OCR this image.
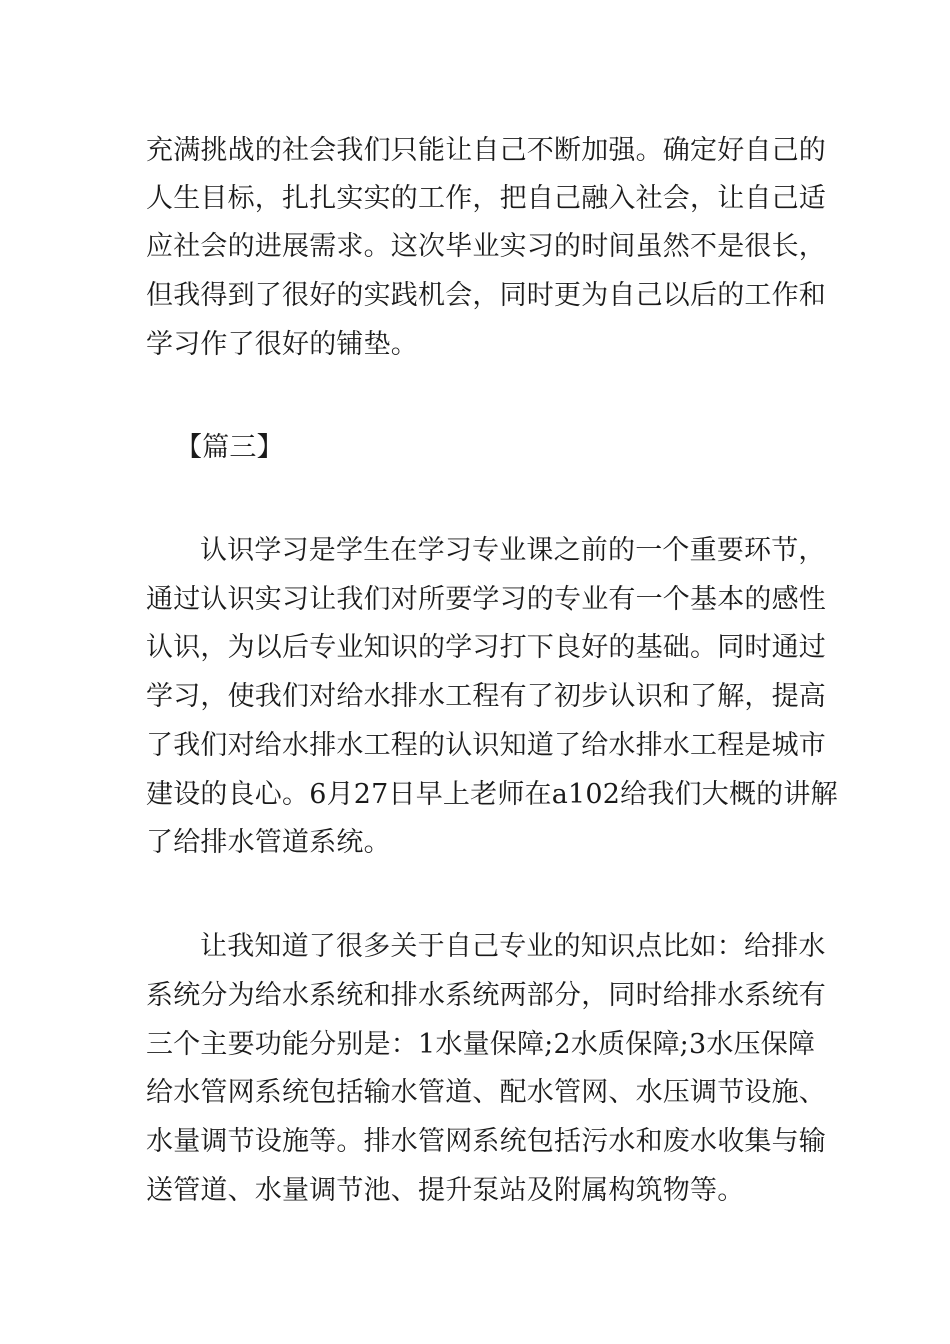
充满挑战的社会我们只能让自己不断加强。确定好自己的

人生目标，扎扎实实的工作，把自己融入社会，让自己适

应社会的进展需求。这次毕业实习的时间虽然不是很长，

但我得到了很好的实践机会，同时更为自己以后的工作和

学习作了很好的铺垫。

【篇三】

认识学习是学生在学习专业课之前的一个重要环节，

通过认识实习让我们对所要学习的专业有一个基本的感性

认识，为以后专业知识的学习打下良好的基础。同时通过

学习，使我们对给水排水工程有了初步认识和了解，提高

了我们对给水排水工程的认识知道了给水排水工程是城市

建设的良心。6月27日早上老师在a102给我们大概的讲解

了给排水管道系统。

让我知道了很多关于自己专业的知识点比如：给排水

系统分为给水系统和排水系统两部分，同时给排水系统有

三个主要功能分别是：1水量保障;2水质保障;3水压保障

给水管网系统包括输水管道、配水管网、水压调节设施、

水量调节设施等。排水管网系统包括污水和废水收集与输

送管道、水量调节池、提升泵站及附属构筑物等。
